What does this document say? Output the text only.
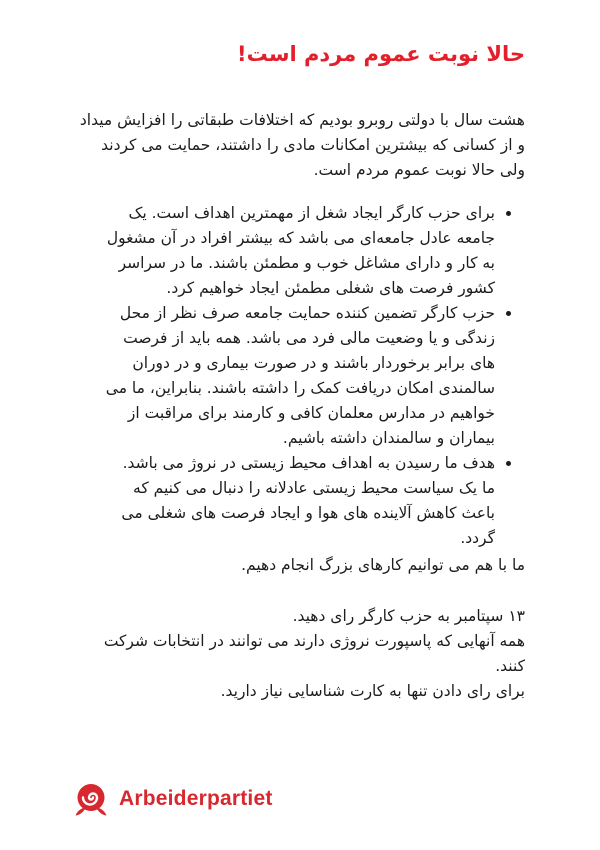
حالا نوبت عموم مردم است!

هشت سال با دولتی روبرو بودیم که اختلافات طبقاتی را افزایش میداد و از کسانی که بیشترین امکانات مادی را داشتند، حمایت می کردند ولی حالا نوبت عموم مردم است.

• برای حزب کارگر ایجاد شغل از مهمترین اهداف است. یک جامعه عادل جامعه‌ای می باشد که بیشتر افراد در آن مشغول به کار و دارای مشاغل خوب و مطمئن باشند. ما در سراسر کشور فرصت های شغلی مطمئن ایجاد خواهیم کرد.
• حزب کارگر تضمین کننده حمایت جامعه صرف نظر از محل زندگی و یا وضعیت مالی فرد می باشد. همه باید از فرصت های برابر برخوردار باشند و در صورت بیماری و در دوران سالمندی امکان دریافت کمک را داشته باشند. بنابراین، ما می خواهیم در مدارس معلمان کافی و کارمند برای مراقبت از بیماران و سالمندان داشته باشیم.
• هدف ما رسیدن به اهداف محیط زیستی در نروژ می باشد. ما یک سیاست محیط زیستی عادلانه را دنبال می کنیم که باعث کاهش آلاینده های هوا و ایجاد فرصت های شغلی می گردد.

ما با هم می توانیم کارهای بزرگ انجام دهیم.

۱۳ سپتامبر به حزب کارگر رای دهید.
همه آنهایی که پاسپورت نروژی دارند می توانند در انتخابات شرکت کنند.
برای رای دادن تنها به کارت شناسایی نیاز دارید.
Arbeiderpartiet
